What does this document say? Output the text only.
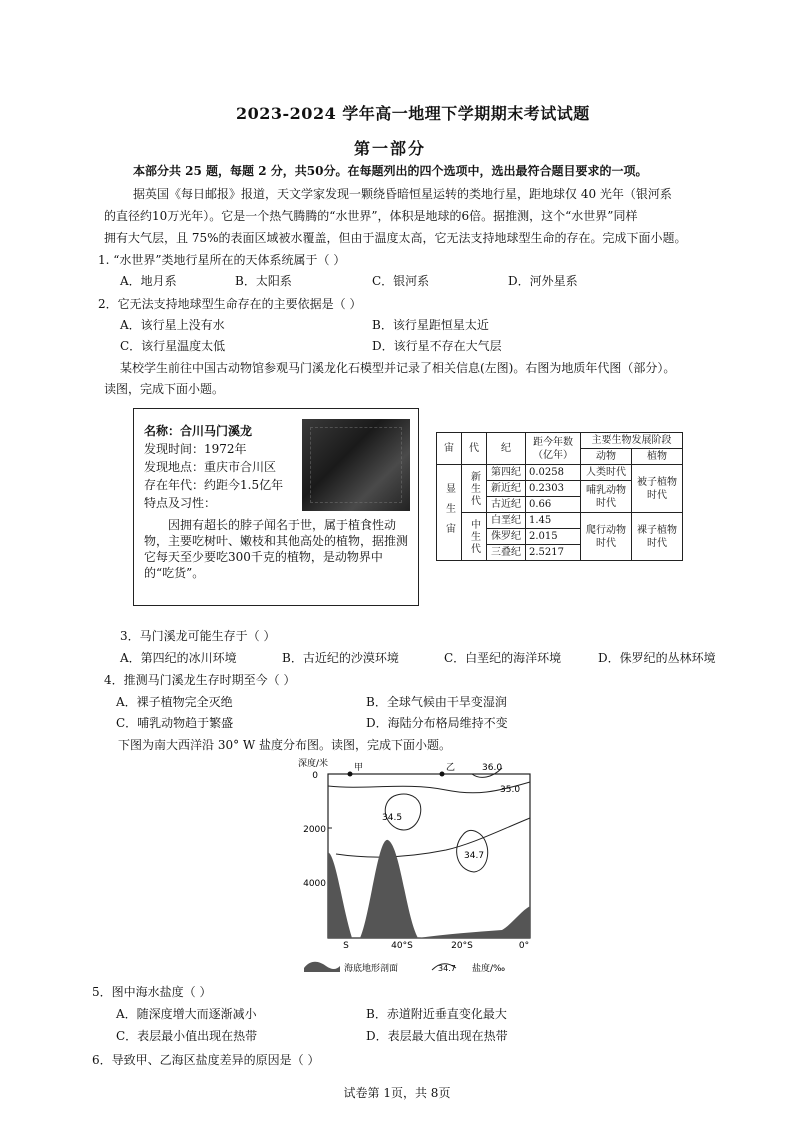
2023-2024 学年高一地理下学期期末考试试题
第一部分
本部分共 25 题，每题 2 分，共50分。在每题列出的四个选项中，选出最符合题目要求的一项。
据英国《每日邮报》报道，天文学家发现一颗绕昏暗恒星运转的类地行星，距地球仅 40 光年（银河系
的直径约10万光年）。它是一个热气腾腾的“水世界”，体积是地球的6倍。据推测，这个“水世界”同样
拥有大气层，且 75%的表面区域被水覆盖，但由于温度太高，它无法支持地球型生命的存在。完成下面小题。
1. “水世界”类地行星所在的天体系统属于（ ）
A．地月系	B．太阳系	C．银河系	D．河外星系
2．它无法支持地球型生命存在的主要依据是（ ）
A．该行星上没有水	B．该行星距恒星太近
C．该行星温度太低	D．该行星不存在大气层
某校学生前往中国古动物馆参观马门溪龙化石模型并记录了相关信息(左图)。右图为地质年代图（部分）。
读图，完成下面小题。
名称：合川马门溪龙
发现时间：1972年
发现地点：重庆市合川区
存在年代：约距今1.5亿年
特点及习性：
因拥有超长的脖子闻名于世，属于植食性动物，主要吃树叶、嫩枝和其他高处的植物，据推测它每天至少要吃300千克的植物，是动物界中的“吃货”。
宙	代	纪	距今年数（亿年）	主要生物发展阶段	
				动物	植物
显生宙	新生代	第四纪	0.0258	人类时代	被子植物时代
		新近纪	0.2303	哺乳动物时代	
		古近纪	0.66		
	中生代	白垩纪	1.45	爬行动物时代	裸子植物时代
		侏罗纪	2.015		
		三叠纪	2.5217		
3．马门溪龙可能生存于（ ）
A．第四纪的冰川环境	B．古近纪的沙漠环境	C．白垩纪的海洋环境	D．侏罗纪的丛林环境
4．推测马门溪龙生存时期至今（ ）
A．裸子植物完全灭绝	B．全球气候由干旱变湿润
C．哺乳动物趋于繁盛	D．海陆分布格局维持不变
下图为南大西洋沿 30° W 盐度分布图。读图，完成下面小题。
深度/米
0
2000
4000
S	40°S	20°S	0°
甲	乙	36.0
35.0
34.5
34.7
海底地形剖面	34.7 盐度/‰
5．图中海水盐度（ ）
A．随深度增大而逐渐减小	B．赤道附近垂直变化最大
C．表层最小值出现在热带	D．表层最大值出现在热带
6．导致甲、乙海区盐度差异的原因是（ ）
试卷第 1页，共 8页
